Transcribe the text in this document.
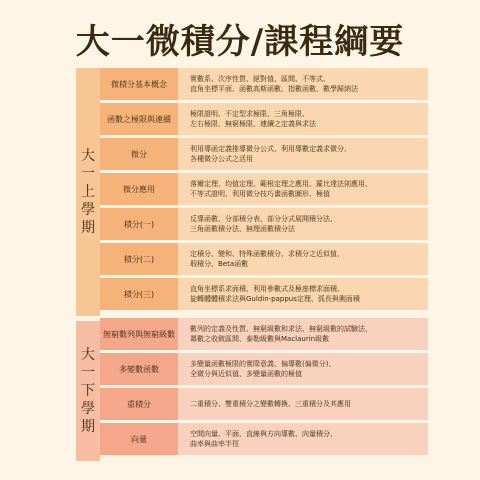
大一微積分/課程綱要
大
一
上
學
期
大
一
下
學
期
微積分基本概念
實數系、次序性質、絕對值、區間、不等式、
直角坐標平面、函數高斯函數、指數函數、數學歸納法
函數之極限與連續
極限證明、不定型求極限、三角極限、
左右極限、無窮極限、連續之定義與求法
微分
利用導函定義推導微分公式、利用導數定義求微分、
各種微分公式之活用
微分應用
落爾定理、均值定理、範根定理之應用、羅比達法則應用、
不等式證明、利用微分技巧畫函數圖形、極值
積分(一)
反導函數、分部積分表、部分分式展開積分法、
三角函數積分法、無理函數積分法
積分(二)
定積分、變和、特殊函數積分、求積分之近似值、
瑕積分、Beta函數
積分(三)
直角坐標系求面積、利用參數式及極座標求面積、
旋轉體體積求法與Guldin-pappus定理、弧長與側面積
無窮數列與無窮級數
數列的定義及性質、無窮級數和求法、無窮級數的試驗法、
冪數之收斂區間、泰勒級數與Maclaurin級數
多變數函數
多變量函數極限的實際意義、偏導數(偏微分)、
全微分與近似值、多變量函數的極值
重積分	二重積分、雙重積分之變數轉換、三重積分及其應用
向量
空間向量、平面、直線與方向導數、向量積分、
曲率與曲率半徑
